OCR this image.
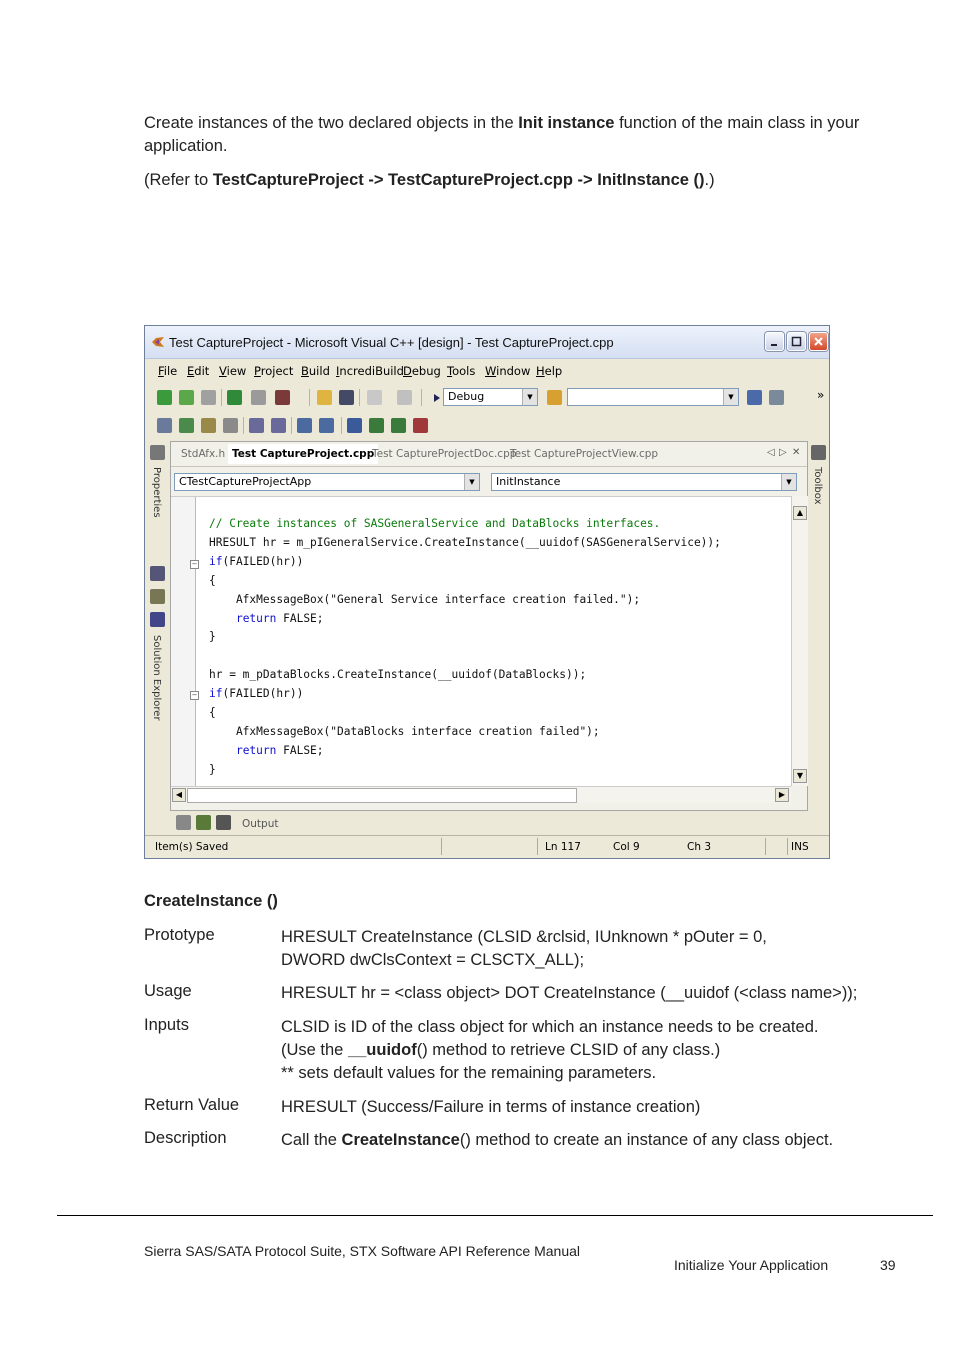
Create instances of the two declared objects in the Init instance function of the main class in your application.

(Refer to TestCaptureProject -> TestCaptureProject.cpp -> InitInstance ().)

Test CaptureProject - Microsoft Visual C++ [design] - Test CaptureProject.cpp
File Edit View Project Build IncrediBuild Debug Tools Window Help
Debug	▼	▼	»
Properties
Solution Explorer
Toolbox
StdAfx.h Test CaptureProject.cpp
Test CaptureProjectDoc.cpp
Test CaptureProjectView.cpp	◁ ▷ ✕
CTestCaptureProjectApp	▼	InitInstance	▼
−
−
// Create instances of SASGeneralService and DataBlocks interfaces.
HRESULT hr = m_pIGeneralService.CreateInstance(__uuidof(SASGeneralService));
if(FAILED(hr))
{
AfxMessageBox("General Service interface creation failed.");
return FALSE;
}

hr = m_pDataBlocks.CreateInstance(__uuidof(DataBlocks));
if(FAILED(hr))
{
AfxMessageBox("DataBlocks interface creation failed");
return FALSE;
}
▲
▼
◀	▶
Output
Item(s) Saved	Ln 117	Col 9	Ch 3	INS
CreateInstance ()
Prototype	HRESULT CreateInstance (CLSID &rclsid, IUnknown * pOuter = 0,
DWORD dwClsContext = CLSCTX_ALL);
Usage	HRESULT hr = <class object> DOT CreateInstance (__uuidof (<class name>));
Inputs	CLSID is ID of the class object for which an instance needs to be created.
(Use the __uuidof() method to retrieve CLSID of any class.)
** sets default values for the remaining parameters.
Return Value	HRESULT (Success/Failure in terms of instance creation)
Description	Call the CreateInstance() method to create an instance of any class object.
Sierra SAS/SATA Protocol Suite, STX Software API Reference Manual
Initialize Your Application	39
